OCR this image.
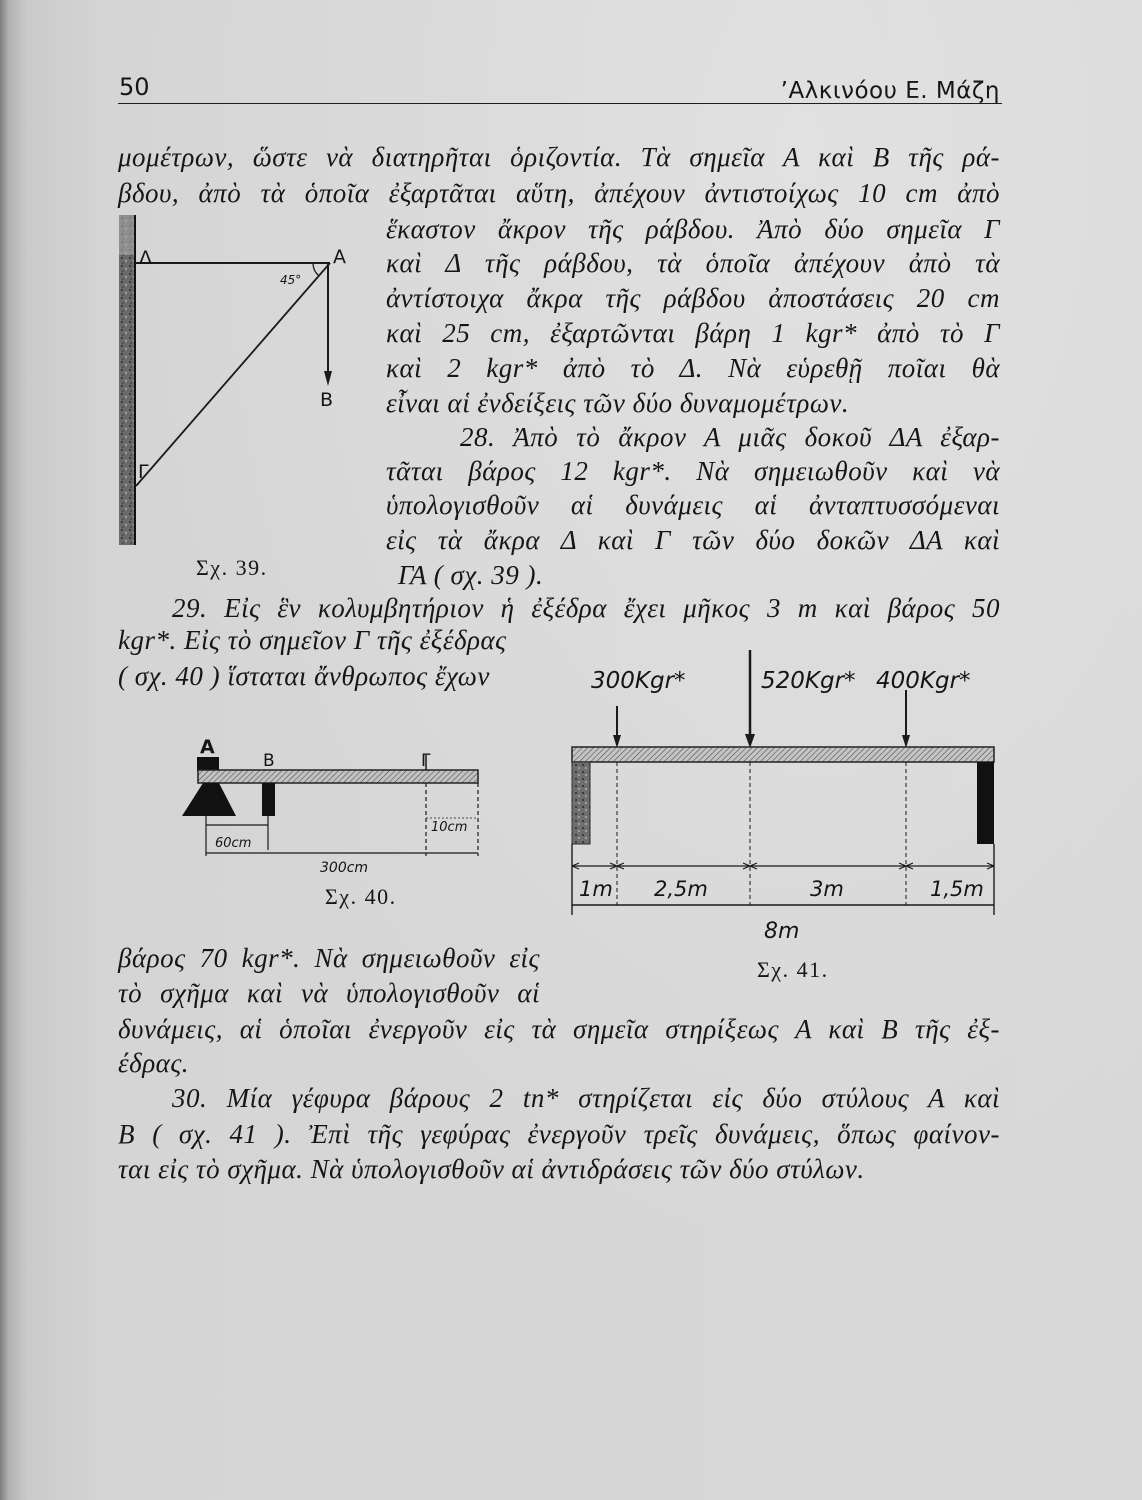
50	’Αλκινόου Ε. Μάζη
μομέτρων, ὥστε νὰ διατηρῆται ὁριζοντία. Τὰ σημεῖα Α καὶ Β τῆς ρά-
βδου, ἀπὸ τὰ ὁποῖα ἐξαρτᾶται αὕτη, ἀπέχουν ἀντιστοίχως 10 cm ἀπὸ
ἕκαστον ἄκρον τῆς ράβδου. Ἀπὸ δύο σημεῖα Γ
καὶ Δ τῆς ράβδου, τὰ ὁποῖα ἀπέχουν ἀπὸ τὰ
ἀντίστοιχα ἄκρα τῆς ράβδου ἀποστάσεις 20 cm
καὶ 25 cm, ἐξαρτῶνται βάρη 1 kgr* ἀπὸ τὸ Γ
καὶ 2 kgr* ἀπὸ τὸ Δ. Νὰ εὑρεθῇ ποῖαι θὰ
εἶναι αἱ ἐνδείξεις τῶν δύο δυναμομέτρων.
28. Ἀπὸ τὸ ἄκρον Α μιᾶς δοκοῦ ΔΑ ἐξαρ-
τᾶται βάρος 12 kgr*. Νὰ σημειωθοῦν καὶ νὰ
ὑπολογισθοῦν αἱ δυνάμεις αἱ ἀνταπτυσσόμεναι
εἰς τὰ ἄκρα Δ καὶ Γ τῶν δύο δοκῶν ΔΑ καὶ
ΓΑ ( σχ. 39 ).
29. Εἰς ἓν κολυμβητήριον ἡ ἐξέδρα ἔχει μῆκος 3 m καὶ βάρος 50
kgr*. Εἰς τὸ σημεῖον Γ τῆς ἐξέδρας
( σχ. 40 ) ἵσταται ἄνθρωπος ἔχων
βάρος 70 kgr*. Νὰ σημειωθοῦν εἰς
τὸ σχῆμα καὶ νὰ ὑπολογισθοῦν αἱ
δυνάμεις, αἱ ὁποῖαι ἐνεργοῦν εἰς τὰ σημεῖα στηρίξεως Α καὶ Β τῆς ἐξ-
έδρας.
30. Μία γέφυρα βάρους 2 tn* στηρίζεται εἰς δύο στύλους Α καὶ
Β ( σχ. 41 ). Ἐπὶ τῆς γεφύρας ἐνεργοῦν τρεῖς δυνάμεις, ὅπως φαίνον-
ται εἰς τὸ σχῆμα. Νὰ ὑπολογισθοῦν αἱ ἀντιδράσεις τῶν δύο στύλων.
Δ	Α
45°
Β
Γ
Σχ. 39.
Α
Β	Γ
10cm
60cm
300cm
Σχ. 40.
300Kgr*	520Kgr* 400Kgr*
1m 2,5m	3m	1,5m
8m
Σχ. 41.
